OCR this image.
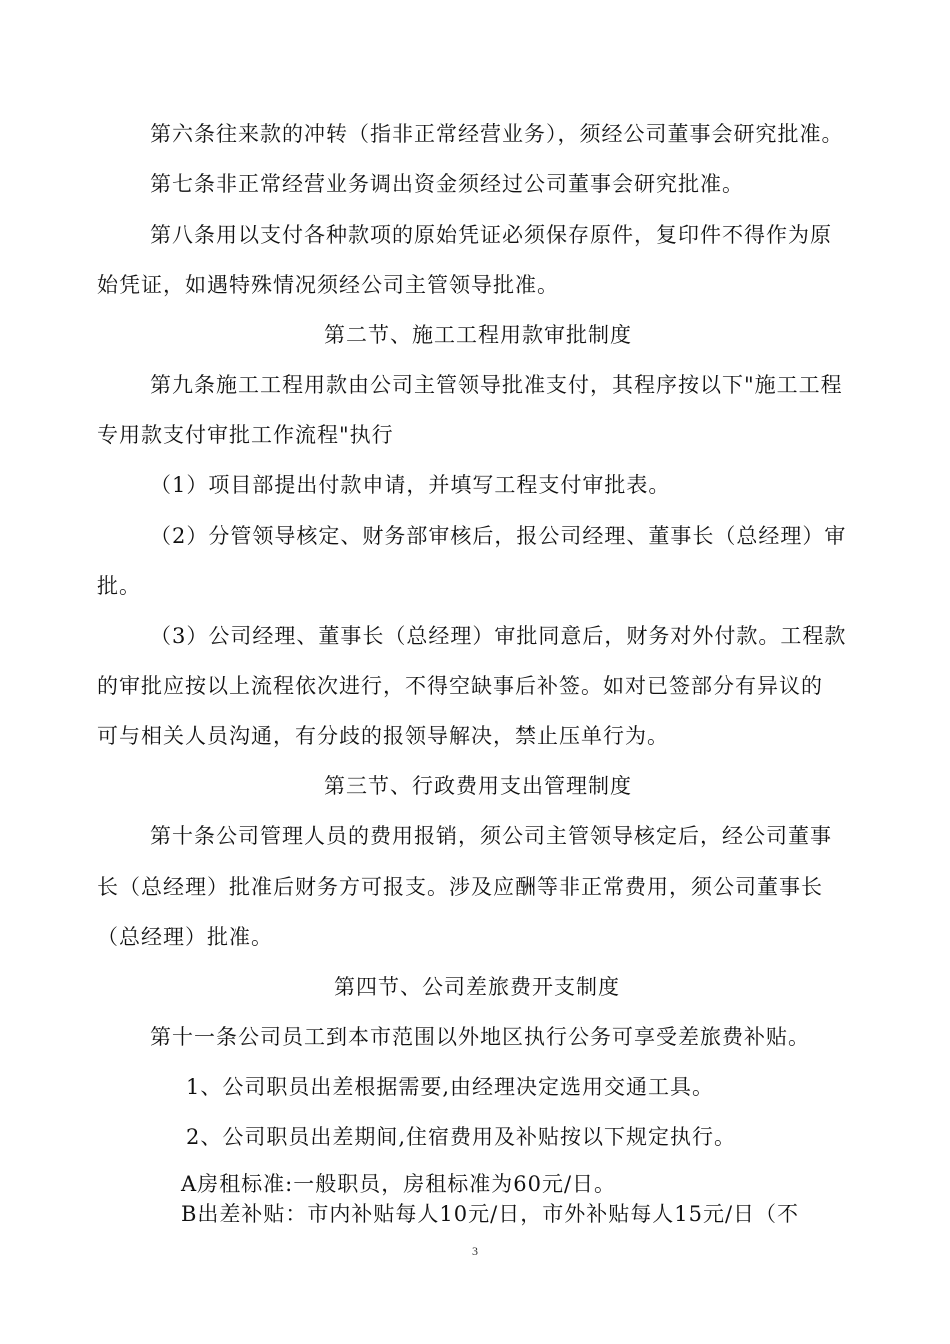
第六条往来款的冲转（指非正常经营业务），须经公司董事会研究批准。
第七条非正常经营业务调出资金须经过公司董事会研究批准。
第八条用以支付各种款项的原始凭证必须保存原件，复印件不得作为原
始凭证，如遇特殊情况须经公司主管领导批准。
第二节、施工工程用款审批制度
第九条施工工程用款由公司主管领导批准支付，其程序按以下"施工工程
专用款支付审批工作流程"执行
（1）项目部提出付款申请，并填写工程支付审批表。
（2）分管领导核定、财务部审核后，报公司经理、董事长（总经理）审
批。
（3）公司经理、董事长（总经理）审批同意后，财务对外付款。工程款
的审批应按以上流程依次进行，不得空缺事后补签。如对已签部分有异议的
可与相关人员沟通，有分歧的报领导解决，禁止压单行为。
第三节、行政费用支出管理制度
第十条公司管理人员的费用报销，须公司主管领导核定后，经公司董事
长（总经理）批准后财务方可报支。涉及应酬等非正常费用，须公司董事长
（总经理）批准。
第四节、公司差旅费开支制度
第十一条公司员工到本市范围以外地区执行公务可享受差旅费补贴。
1、公司职员出差根据需要,由经理决定选用交通工具。
2、公司职员出差期间,住宿费用及补贴按以下规定执行。
A房租标准:一般职员，房租标准为60元/日。
B出差补贴：市内补贴每人10元/日，市外补贴每人15元/日（不
3
